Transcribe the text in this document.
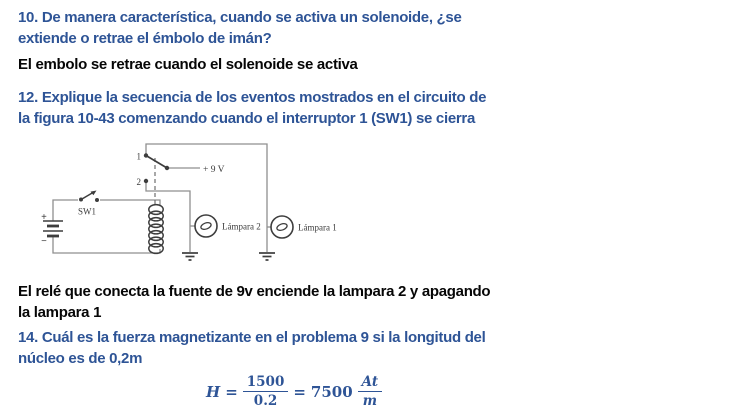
10. De manera característica, cuando se activa un solenoide, ¿se
extiende o retrae el émbolo de imán?
El embolo se retrae cuando el solenoide se activa
12. Explique la secuencia de los eventos mostrados en el circuito de
la figura 10-43 comenzando cuando el interruptor 1 (SW1) se cierra
1
2
+ 9 V
SW1
+
−
Lámpara 2	Lámpara 1
El relé que conecta la fuente de 9v enciende la lampara 2 y apagando
la lampara 1
14. Cuál es la fuerza magnetizante en el problema 9 si la longitud del
núcleo es de 0,2m
$H = \frac{1500}{0.2} = 7500 \frac{At}{m}$
